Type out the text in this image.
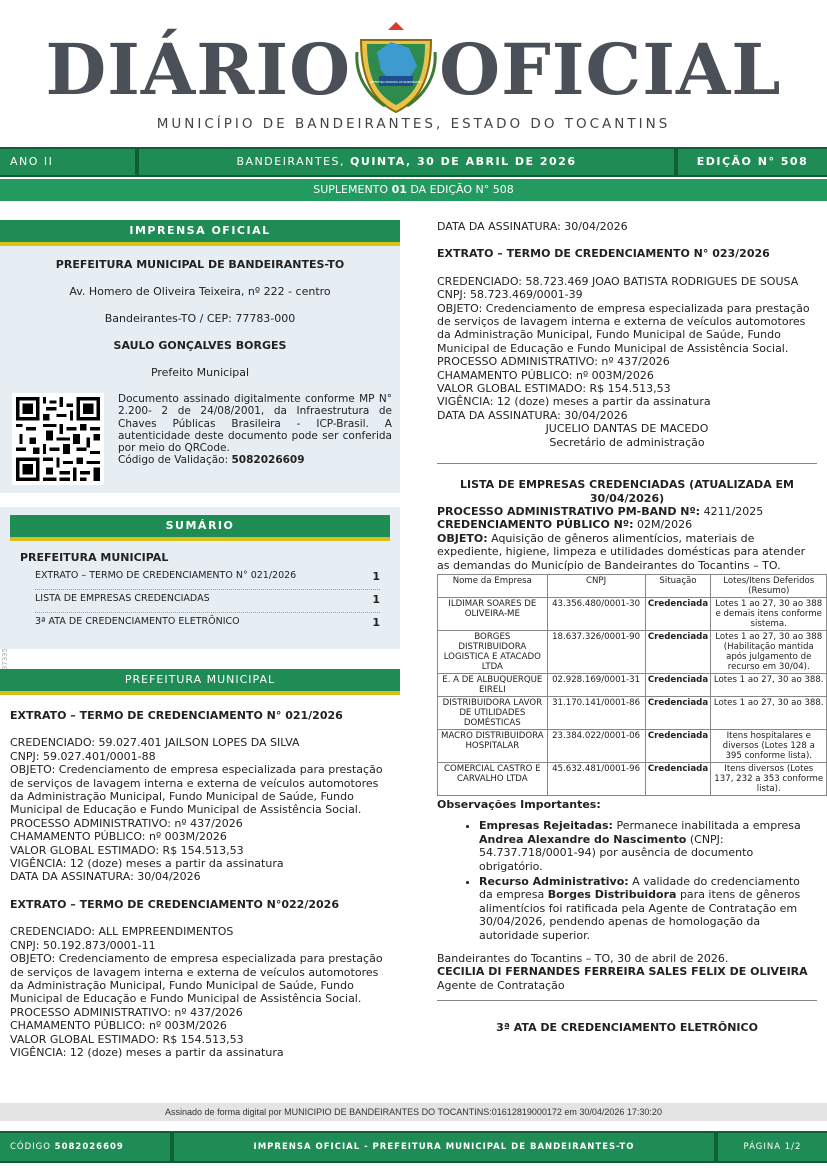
DIÁRIO OFICIAL
PREFEITURA MUNICIPAL DE BANDEIRANTES
MUNICÍPIO DE BANDEIRANTES, ESTADO DO TOCANTINS
ANO II	BANDEIRANTES, QUINTA, 30 DE ABRIL DE 2026	EDIÇÃO N° 508
SUPLEMENTO 01 DA EDIÇÃO N° 508
IMPRENSA OFICIAL

PREFEITURA MUNICIPAL DE BANDEIRANTES-TO

Av. Homero de Oliveira Teixeira, nº 222 - centro

Bandeirantes-TO / CEP: 77783-000

SAULO GONÇALVES BORGES

Prefeito Municipal

Documento assinado digitalmente conforme MP N° 2.200- 2 de 24/08/2001, da Infraestrutura de Chaves Públicas Brasileira - ICP-Brasil. A autenticidade deste documento pode ser conferida por meio do QRCode.
Código de Validação: 5082026609
SUMÁRIO
PREFEITURA MUNICIPAL
EXTRATO – TERMO DE CREDENCIAMENTO N° 021/2026	1
LISTA DE EMPRESAS CREDENCIADAS	1
3ª ATA DE CREDENCIAMENTO ELETRÔNICO	1
PREFEITURA MUNICIPAL
EXTRATO – TERMO DE CREDENCIAMENTO N° 021/2026
CREDENCIADO: 59.027.401 JAILSON LOPES DA SILVA
CNPJ: 59.027.401/0001-88
OBJETO: Credenciamento de empresa especializada para prestação de serviços de lavagem interna e externa de veículos automotores da Administração Municipal, Fundo Municipal de Saúde, Fundo Municipal de Educação e Fundo Municipal de Assistência Social.
PROCESSO ADMINISTRATIVO: nº 437/2026
CHAMAMENTO PÚBLICO: nº 003M/2026
VALOR GLOBAL ESTIMADO: R$ 154.513,53
VIGÊNCIA: 12 (doze) meses a partir da assinatura
DATA DA ASSINATURA: 30/04/2026
EXTRATO – TERMO DE CREDENCIAMENTO N°022/2026
CREDENCIADO: ALL EMPREENDIMENTOS
CNPJ: 50.192.873/0001-11
OBJETO: Credenciamento de empresa especializada para prestação de serviços de lavagem interna e externa de veículos automotores da Administração Municipal, Fundo Municipal de Saúde, Fundo Municipal de Educação e Fundo Municipal de Assistência Social.
PROCESSO ADMINISTRATIVO: nº 437/2026
CHAMAMENTO PÚBLICO: nº 003M/2026
VALOR GLOBAL ESTIMADO: R$ 154.513,53
VIGÊNCIA: 12 (doze) meses a partir da assinatura
DATA DA ASSINATURA: 30/04/2026
EXTRATO – TERMO DE CREDENCIAMENTO N° 023/2026
CREDENCIADO: 58.723.469 JOAO BATISTA RODRIGUES DE SOUSA
CNPJ: 58.723.469/0001-39
OBJETO: Credenciamento de empresa especializada para prestação de serviços de lavagem interna e externa de veículos automotores da Administração Municipal, Fundo Municipal de Saúde, Fundo Municipal de Educação e Fundo Municipal de Assistência Social.
PROCESSO ADMINISTRATIVO: nº 437/2026
CHAMAMENTO PÚBLICO: nº 003M/2026
VALOR GLOBAL ESTIMADO: R$ 154.513,53
VIGÊNCIA: 12 (doze) meses a partir da assinatura
DATA DA ASSINATURA: 30/04/2026
JUCELIO DANTAS DE MACEDO
Secretário de administração
LISTA DE EMPRESAS CREDENCIADAS (ATUALIZADA EM 30/04/2026)
PROCESSO ADMINISTRATIVO PM-BAND Nº: 4211/2025
CREDENCIAMENTO PÚBLICO Nº: 02M/2026
OBJETO: Aquisição de gêneros alimentícios, materiais de expediente, higiene, limpeza e utilidades domésticas para atender as demandas do Município de Bandeirantes do Tocantins – TO.
Nome da Empresa	CNPJ	Situação	Lotes/Itens Deferidos (Resumo)
ILDIMAR SOARES DE OLIVEIRA-ME	43.356.480/0001-30	Credenciada	Lotes 1 ao 27, 30 ao 388 e demais itens conforme sistema.
BORGES DISTRIBUIDORA LOGISTICA E ATACADO LTDA	18.637.326/0001-90	Credenciada	Lotes 1 ao 27, 30 ao 388 (Habilitação mantida após julgamento de recurso em 30/04).
E. A DE ALBUQUERQUE EIRELI	02.928.169/0001-31	Credenciada	Lotes 1 ao 27, 30 ao 388.
DISTRIBUIDORA LAVOR DE UTILIDADES DOMÉSTICAS	31.170.141/0001-86	Credenciada	Lotes 1 ao 27, 30 ao 388.
MACRO DISTRIBUIDORA HOSPITALAR	23.384.022/0001-06	Credenciada	Itens hospitalares e diversos (Lotes 128 a 395 conforme lista).
COMERCIAL CASTRO E CARVALHO LTDA	45.632.481/0001-96	Credenciada	Itens diversos (Lotes 137, 232 a 353 conforme lista).
Observações Importantes:
• Empresas Rejeitadas: Permanece inabilitada a empresa Andrea Alexandre do Nascimento (CNPJ: 54.737.718/0001-94) por ausência de documento obrigatório.
• Recurso Administrativo: A validade do credenciamento da empresa Borges Distribuidora para itens de gêneros alimentícios foi ratificada pela Agente de Contratação em 30/04/2026, pendendo apenas de homologação da autoridade superior.
Bandeirantes do Tocantins – TO, 30 de abril de 2026.
CECILIA DI FERNANDES FERREIRA SALES FELIX DE OLIVEIRA
Agente de Contratação
3ª ATA DE CREDENCIAMENTO ELETRÔNICO
Assinado de forma digital por MUNICIPIO DE BANDEIRANTES DO TOCANTINS:01612819000172 em 30/04/2026 17:30:20
CÓDIGO 5082026609	IMPRENSA OFICIAL - PREFEITURA MUNICIPAL DE BANDEIRANTES-TO	PÁGINA 1/2
